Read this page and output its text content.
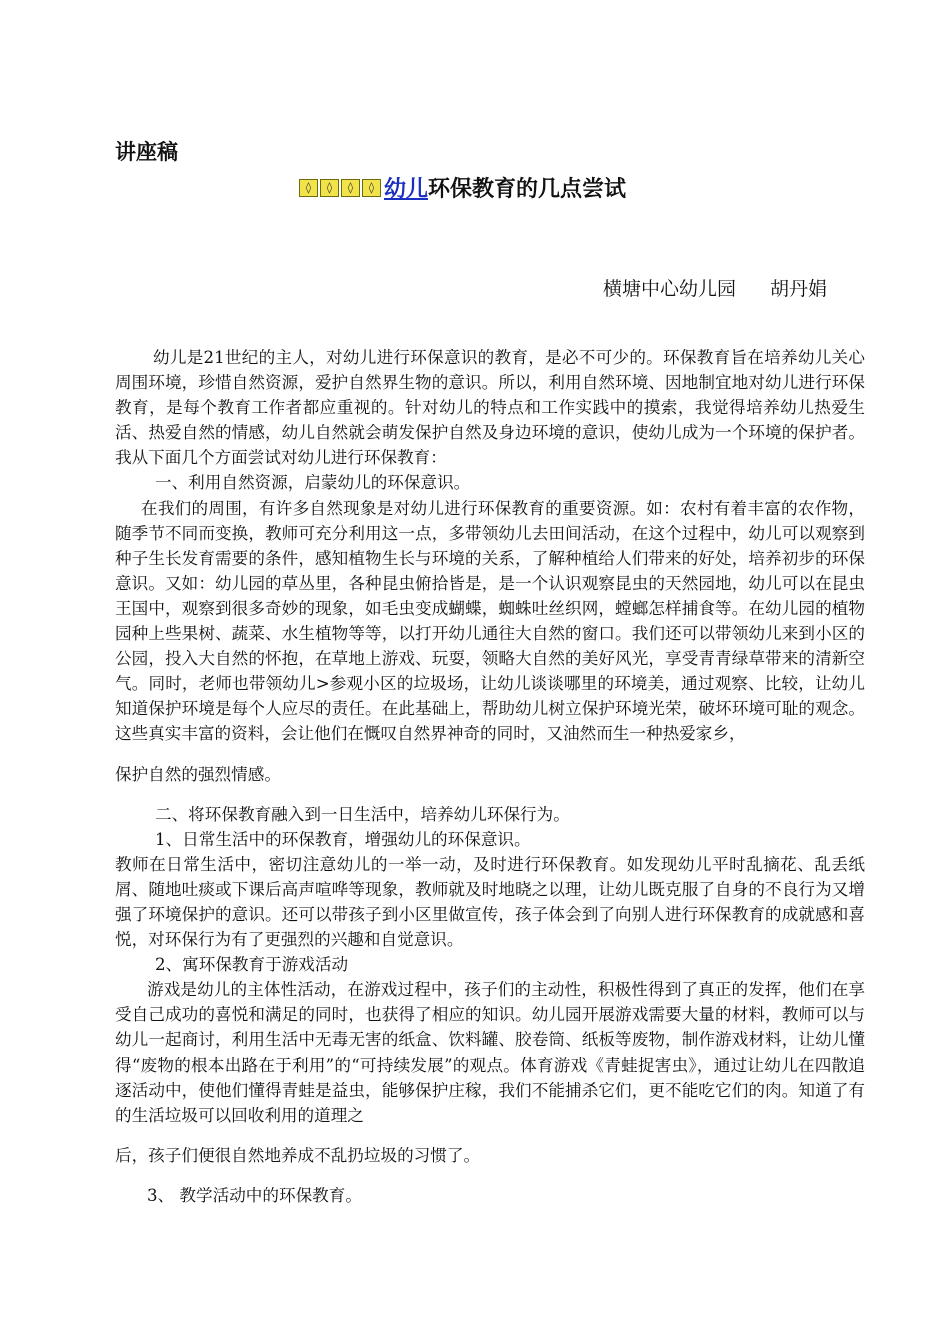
讲座稿
◊	◊	◊	◊ 幼儿 环保教育的几点尝试
横塘中心幼儿园 胡丹娟

幼儿是21世纪的主人，对幼儿进行环保意识的教育，是必不可少的。环保教育旨在培养幼儿关心周围环境，珍惜自然资源，爱护自然界生物的意识。所以，利用自然环境、因地制宜地对幼儿进行环保教育，是每个教育工作者都应重视的。针对幼儿的特点和工作实践中的摸索，我觉得培养幼儿热爱生活、热爱自然的情感，幼儿自然就会萌发保护自然及身边环境的意识，使幼儿成为一个环境的保护者。我从下面几个方面尝试对幼儿进行环保教育：

一、利用自然资源，启蒙幼儿的环保意识。

在我们的周围，有许多自然现象是对幼儿进行环保教育的重要资源。如：农村有着丰富的农作物，随季节不同而变换，教师可充分利用这一点，多带领幼儿去田间活动，在这个过程中，幼儿可以观察到种子生长发育需要的条件，感知植物生长与环境的关系，了解种植给人们带来的好处，培养初步的环保意识。又如：幼儿园的草丛里，各种昆虫俯拾皆是，是一个认识观察昆虫的天然园地，幼儿可以在昆虫王国中，观察到很多奇妙的现象，如毛虫变成蝴蝶，蜘蛛吐丝织网，螳螂怎样捕食等。在幼儿园的植物园种上些果树、蔬菜、水生植物等等，以打开幼儿通往大自然的窗口。我们还可以带领幼儿来到小区的公园，投入大自然的怀抱，在草地上游戏、玩耍，领略大自然的美好风光，享受青青绿草带来的清新空气。同时，老师也带领幼儿>参观小区的垃圾场，让幼儿谈谈哪里的环境美，通过观察、比较，让幼儿知道保护环境是每个人应尽的责任。在此基础上，帮助幼儿树立保护环境光荣，破坏环境可耻的观念。这些真实丰富的资料，会让他们在慨叹自然界神奇的同时，又油然而生一种热爱家乡，

保护自然的强烈情感。

二、将环保教育融入到一日生活中，培养幼儿环保行为。

1、日常生活中的环保教育，增强幼儿的环保意识。

教师在日常生活中，密切注意幼儿的一举一动，及时进行环保教育。如发现幼儿平时乱摘花、乱丢纸屑、随地吐痰或下课后高声喧哗等现象，教师就及时地晓之以理，让幼儿既克服了自身的不良行为又增强了环境保护的意识。还可以带孩子到小区里做宣传，孩子体会到了向别人进行环保教育的成就感和喜悦，对环保行为有了更强烈的兴趣和自觉意识。

2、寓环保教育于游戏活动

游戏是幼儿的主体性活动，在游戏过程中，孩子们的主动性，积极性得到了真正的发挥，他们在享受自己成功的喜悦和满足的同时，也获得了相应的知识。幼儿园开展游戏需要大量的材料，教师可以与幼儿一起商讨，利用生活中无毒无害的纸盒、饮料罐、胶卷筒、纸板等废物，制作游戏材料，让幼儿懂得“废物的根本出路在于利用”的“可持续发展”的观点。体育游戏《青蛙捉害虫》，通过让幼儿在四散追逐活动中，使他们懂得青蛙是益虫，能够保护庄稼，我们不能捕杀它们，更不能吃它们的肉。知道了有的生活垃圾可以回收利用的道理之

后，孩子们便很自然地养成不乱扔垃圾的习惯了。

3、 教学活动中的环保教育。
